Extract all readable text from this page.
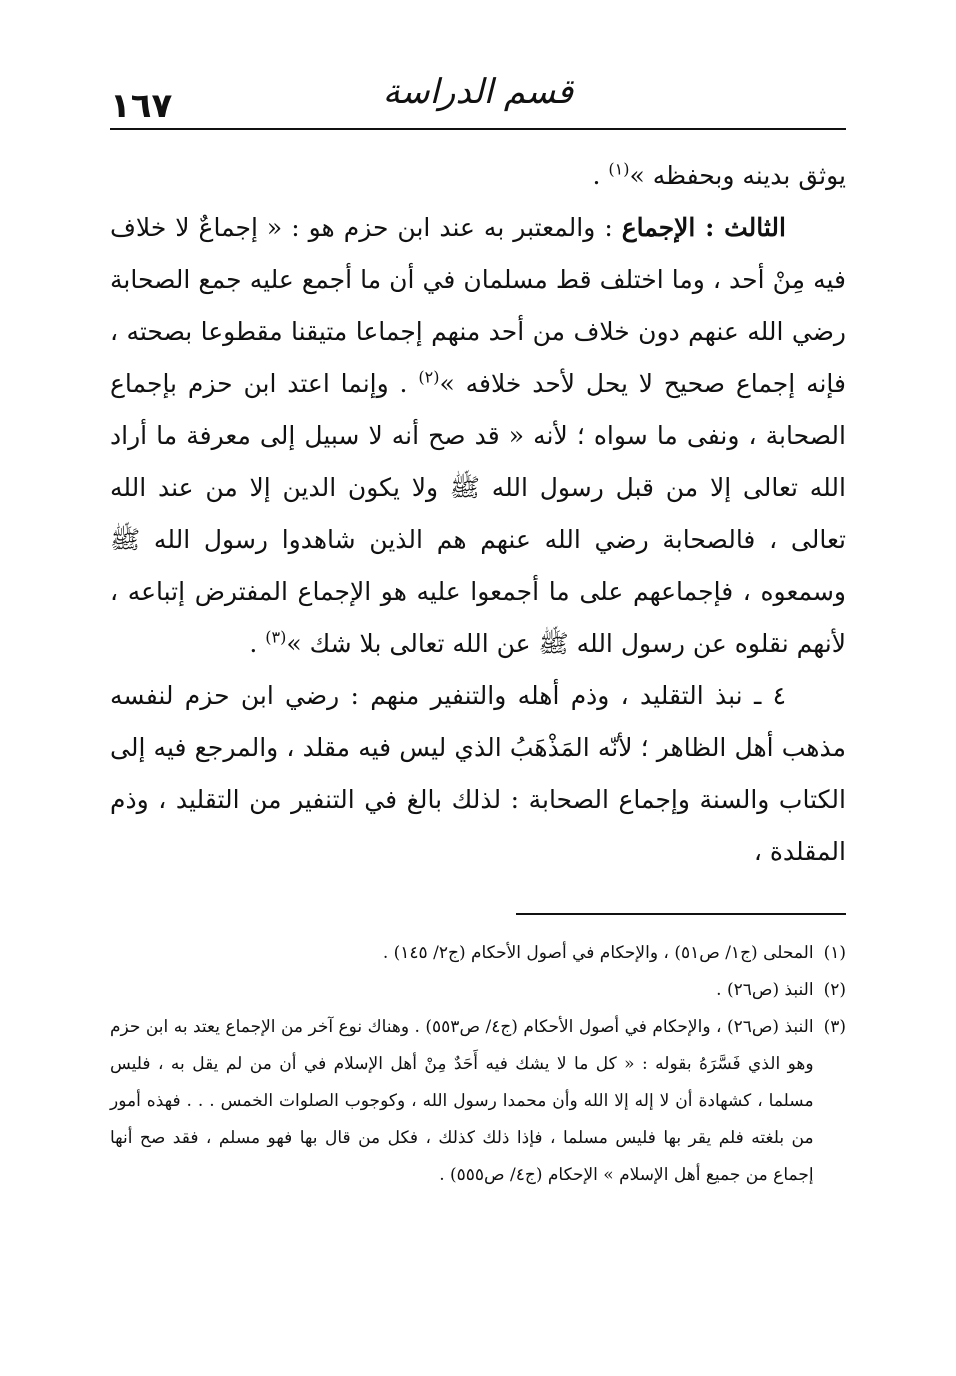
قسم الدراسة
١٦٧

يوثق بدينه وبحفظه »$^{(١)}$ .

الثالث : الإجماع : والمعتبر به عند ابن حزم هو : « إجماعٌ لا خلاف فيه مِنْ أحد ، وما اختلف قط مسلمان في أن ما أجمع عليه جمع الصحابة رضي الله عنهم دون خلاف من أحد منهم إجماعا متيقنا مقطوعا بصحته ، فإنه إجماع صحيح لا يحل لأحد خلافه »$^{(٢)}$ . وإنما اعتد ابن حزم بإجماع الصحابة ، ونفى ما سواه ؛ لأنه « قد صح أنه لا سبيل إلى معرفة ما أراد الله تعالى إلا من قبل رسول الله ﷺ ولا يكون الدين إلا من عند الله تعالى ، فالصحابة رضي الله عنهم هم الذين شاهدوا رسول الله ﷺ وسمعوه ، فإجماعهم على ما أجمعوا عليه هو الإجماع المفترض إتباعه ، لأنهم نقلوه عن رسول الله ﷺ عن الله تعالى بلا شك »$^{(٣)}$ .

٤ ـ نبذ التقليد ، وذم أهله والتنفير منهم : رضي ابن حزم لنفسه مذهب أهل الظاهر ؛ لأنّه المَذْهَبُ الذي ليس فيه مقلد ، والمرجع فيه إلى الكتاب والسنة وإجماع الصحابة : لذلك بالغ في التنفير من التقليد ، وذم المقلدة ،

(١)
المحلى (ج١/ ص٥١) ، والإحكام في أصول الأحكام (ج٢/ ١٤٥) .
(٢)
النبذ (ص٢٦) .
(٣)
النبذ (ص٢٦) ، والإحكام في أصول الأحكام (ج٤/ ص٥٥٣) . وهناك نوع آخر من الإجماع يعتد به ابن حزم وهو الذي فَسَّرَهُ بقوله : « كل ما لا يشك فيه أَحَدٌ مِنْ أهل الإسلام في أن من لم يقل به ، فليس مسلما ، كشهادة أن لا إله إلا الله وأن محمدا رسول الله ، وكوجوب الصلوات الخمس . . . فهذه أمور من بلغته فلم يقر بها فليس مسلما ، فإذا ذلك كذلك ، فكل من قال بها فهو مسلم ، فقد صح أنها إجماع من جميع أهل الإسلام » الإحكام (ج٤/ ص٥٥٥) .
